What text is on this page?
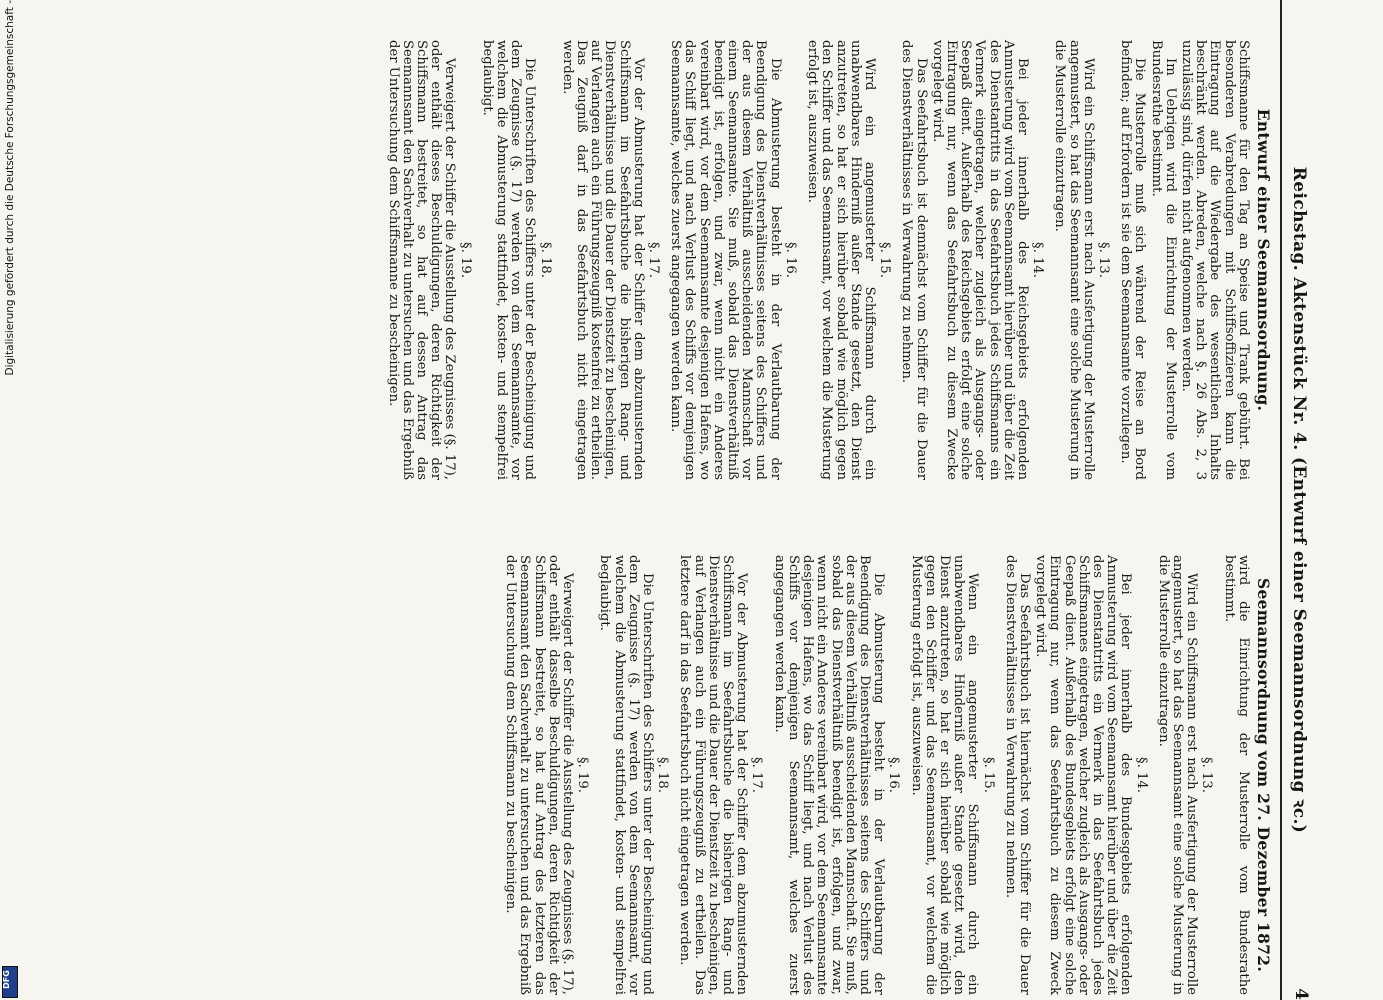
Reichstag. Aktenstück Nr. 4. (Entwurf einer Seemannsordnung ꝛc.)
4
Seemannsordnung vom 27. Dezember 1872.

wird die Einrichtung der Musterrolle vom Bundesrathe bestimmt.

§. 13.

Wird ein Schiffsmann erst nach Ausfertigung der Musterrolle angemustert, so hat das Seemannsamt eine solche Musterung in die Musterrolle einzutragen.

§. 14.

Bei jeder innerhalb des Bundesgebiets erfolgenden Anmusterung wird vom Seemannsamt hierüber und über die Zeit des Dienstantritts ein Vermerk in das Seefahrtsbuch jedes Schiffsmannes eingetragen, welcher zugleich als Ausgangs- oder Geepaß dient. Außerhalb des Bundesgebiets erfolgt eine solche Eintragung nur, wenn das Seefahrtsbuch zu diesem Zweck vorgelegt wird.

Das Seefahrtsbuch ist hiernächst vom Schiffer für die Dauer des Dienstverhältnisses in Verwahrung zu nehmen.

§. 15.

Wenn ein angemusterter Schiffsmann durch ein unabwendbares Hinderniß außer Stande gesetzt wird, den Dienst anzutreten, so hat er sich hierüber sobald wie möglich gegen den Schiffer und das Seemannsamt, vor welchem die Musterung erfolgt ist, auszuweisen.

§. 16.

Die Abmusterung besteht in der Verlautbarung der Beendigung des Dienstverhältnisses seitens des Schiffers und der aus diesem Verhältniß ausscheidenden Mannschaft. Sie muß, sobald das Dienstverhältniß beendigt ist, erfolgen, und zwar, wenn nicht ein Anderes vereinbart wird, vor dem Seemannsamte desjenigen Hafens, wo das Schiff liegt, und nach Verlust des Schiffs vor demjenigen Seemannsamt, welches zuerst angegangen werden kann.

§. 17.

Vor der Abmusterung hat der Schiffer dem abzumusternden Schiffsmann im Seefahrtsbuche die bisherigen Rang- und Dienstverhältnisse und die Dauer der Dienstzeit zu bescheinigen, auf Verlangen auch ein Führungszeugniß zu ertheilen. Das letztere darf in das Seefahrtsbuch nicht eingetragen werden.

§. 18.

Die Unterschriften des Schiffers unter der Bescheinigung und dem Zeugnisse (§. 17) werden von dem Seemannsamt, vor welchem die Abmusterung stattfindet, kosten- und stempelfrei beglaubigt.

§. 19.

Verweigert der Schiffer die Ausstellung des Zeugnisses (§. 17), oder enthält dasselbe Beschuldigungen, deren Richtigkeit der Schiffsmann bestreitet, so hat auf Antrag des letzteren das Seemannsamt den Sachverhalt zu untersuchen und das Ergebniß der Untersuchung dem Schiffsmann zu bescheinigen.

Entwurf einer Seemannsordnung.

Schiffsmanne für den Tag an Speise und Trank gebührt. Bei besonderen Verabredungen mit Schiffsoffizieren kann die Eintragung auf die Wiedergabe des wesentlichen Inhalts beschränkt werden. Abreden, welche nach §. 26 Abs. 2, 3 unzulässig sind, dürfen nicht aufgenommen werden.

Im Uebrigen wird die Einrichtung der Musterrolle vom Bundesrathe bestimmt.

Die Musterrolle muß sich während der Reise an Bord befinden; auf Erfordern ist sie dem Seemannsamte vorzulegen.

§. 13.

Wird ein Schiffsmann erst nach Ausfertigung der Musterrolle angemustert, so hat das Seemannsamt eine solche Musterung in die Musterrolle einzutragen.

§. 14.

Bei jeder innerhalb des Reichsgebiets erfolgenden Anmusterung wird vom Seemannsamt hierüber und über die Zeit des Dienstantritts in das Seefahrtsbuch jedes Schiffsmanns ein Vermerk eingetragen, welcher zugleich als Ausgangs- oder Seepaß dient. Außerhalb des Reichsgebiets erfolgt eine solche Eintragung nur, wenn das Seefahrtsbuch zu diesem Zwecke vorgelegt wird.

Das Seefahrtsbuch ist demnächst vom Schiffer für die Dauer des Dienstverhältnisses in Verwahrung zu nehmen.

§. 15.

Wird ein angemusterter Schiffsmann durch ein unabwendbares Hinderniß außer Stande gesetzt, den Dienst anzutreten, so hat er sich hierüber sobald wie möglich gegen den Schiffer und das Seemannsamt, vor welchem die Musterung erfolgt ist, auszuweisen.

§. 16.

Die Abmusterung besteht in der Verlautbarung der Beendigung des Dienstverhältnisses seitens des Schiffers und der aus diesem Verhältniß ausscheidenden Mannschaft vor einem Seemannsamte. Sie muß, sobald das Dienstverhältniß beendigt ist, erfolgen, und zwar, wenn nicht ein Anderes vereinbart wird, vor dem Seemannsamte desjenigen Hafens, wo das Schiff liegt, und nach Verlust des Schiffs vor demjenigen Seemannsamte, welches zuerst angegangen werden kann.

§. 17.

Vor der Abmusterung hat der Schiffer dem abzumusternden Schiffsmann im Seefahrtsbuche die bisherigen Rang- und Dienstverhältnisse und die Dauer der Dienstzeit zu bescheinigen, auf Verlangen auch ein Führungszeugniß kostenfrei zu ertheilen. Das Zeugniß darf in das Seefahrtsbuch nicht eingetragen werden.

§. 18.

Die Unterschriften des Schiffers unter der Bescheinigung und dem Zeugnisse (§. 17) werden von dem Seemannsamte, vor welchem die Abmusterung stattfindet, kosten- und stempelfrei beglaubigt.

§. 19.

Verweigert der Schiffer die Ausstellung des Zeugnisses (§. 17), oder enthält dieses Beschuldigungen, deren Richtigkeit der Schiffsmann bestreitet, so hat auf dessen Antrag das Seemannsamt den Sachverhalt zu untersuchen und das Ergebniß der Untersuchung dem Schiffsmanne zu bescheinigen.

Digitalisierung gefördert durch die Deutsche Forschungsgemeinschaft -
DFG
